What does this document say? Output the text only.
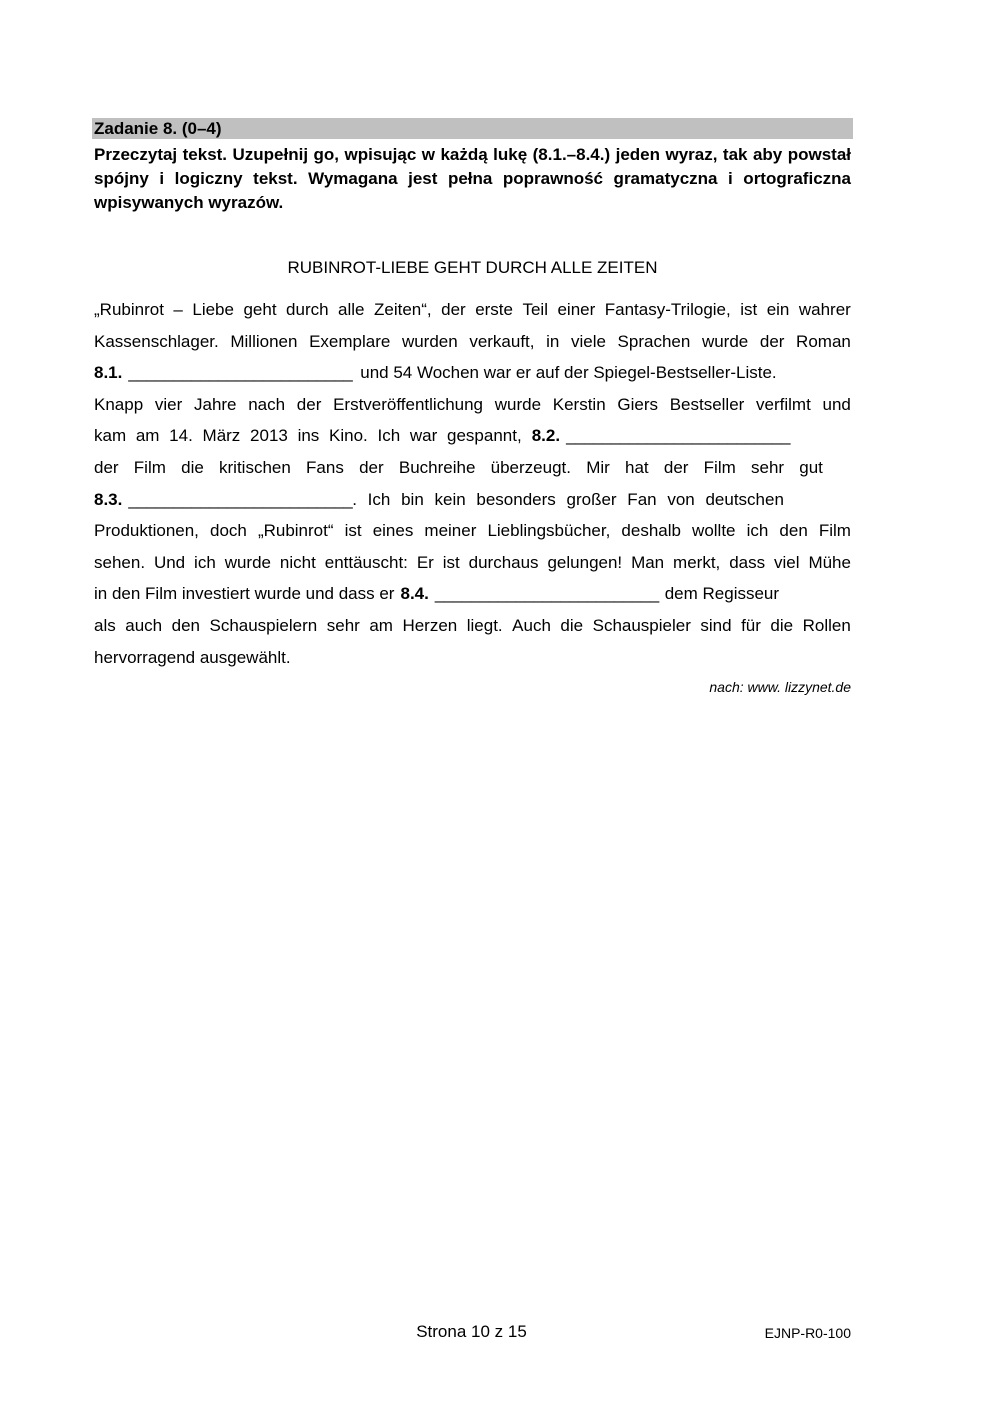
Zadanie 8. (0–4)
Przeczytaj tekst. Uzupełnij go, wpisując w każdą lukę (8.1.–8.4.) jeden wyraz, tak aby powstał spójny i logiczny tekst. Wymagana jest pełna poprawność gramatyczna i ortograficzna wpisywanych wyrazów.
RUBINROT-LIEBE GEHT DURCH ALLE ZEITEN
„Rubinrot – Liebe geht durch alle Zeiten“, der erste Teil einer Fantasy-Trilogie, ist ein wahrer
Kassenschlager. Millionen Exemplare wurden verkauft, in viele Sprachen wurde der Roman
8.1. _________________________ und 54 Wochen war er auf der Spiegel-Bestseller-Liste.
Knapp vier Jahre nach der Erstveröffentlichung wurde Kerstin Giers Bestseller verfilmt und
kam am 14. März 2013 ins Kino. Ich war gespannt, 8.2. _________________________
der Film die kritischen Fans der Buchreihe überzeugt. Mir hat der Film sehr gut
8.3. _________________________ . Ich bin kein besonders großer Fan von deutschen
Produktionen, doch „Rubinrot“ ist eines meiner Lieblingsbücher, deshalb wollte ich den Film
sehen. Und ich wurde nicht enttäuscht: Er ist durchaus gelungen! Man merkt, dass viel Mühe
in den Film investiert wurde und dass er 8.4. _________________________ dem Regisseur
als auch den Schauspielern sehr am Herzen liegt. Auch die Schauspieler sind für die Rollen
hervorragend ausgewählt.
nach: www. lizzynet.de
Strona 10 z 15	EJNP-R0-100
